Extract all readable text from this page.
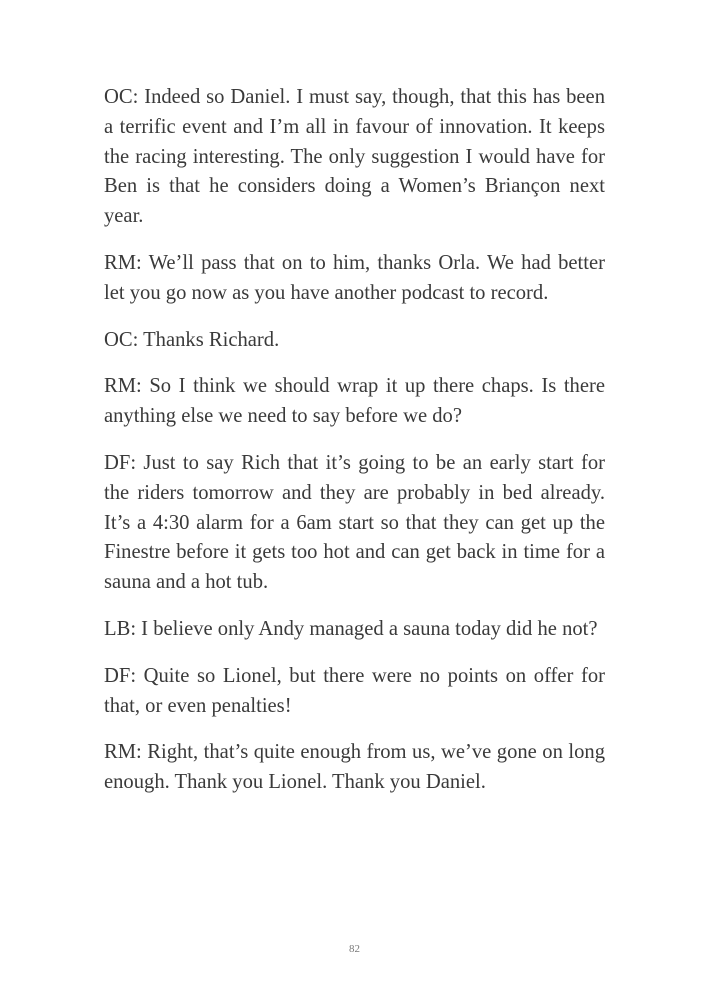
OC: Indeed so Daniel. I must say, though, that this has been a terrific event and I’m all in favour of innovation. It keeps the racing interesting. The only suggestion I would have for Ben is that he considers doing a Women’s Briançon next year.

RM: We’ll pass that on to him, thanks Orla. We had better let you go now as you have another podcast to record.

OC: Thanks Richard.

RM: So I think we should wrap it up there chaps. Is there anything else we need to say before we do?

DF: Just to say Rich that it’s going to be an early start for the riders tomorrow and they are probably in bed already. It’s a 4:30 alarm for a 6am start so that they can get up the Finestre before it gets too hot and can get back in time for a sauna and a hot tub.

LB: I believe only Andy managed a sauna today did he not?

DF: Quite so Lionel, but there were no points on offer for that, or even penalties!

RM: Right, that’s quite enough from us, we’ve gone on long enough. Thank you Lionel. Thank you Daniel.

82
